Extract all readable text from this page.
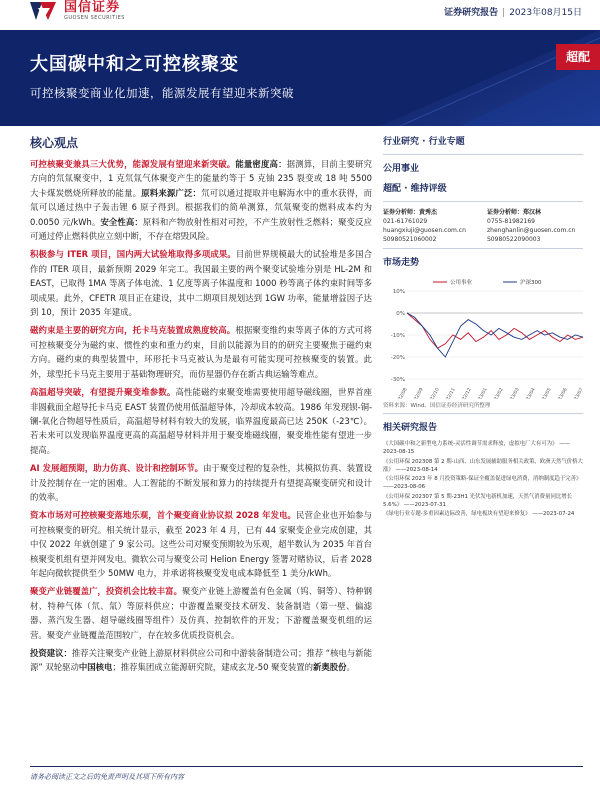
国信证券
GUOSEN SECURITIES	证券研究报告 | 2023年08月15日
大国碳中和之可控核聚变
可控核聚变商业化加速，能源发展有望迎来新突破
超配
核心观点
可控核聚变兼具三大优势，能源发展有望迎来新突破。能量密度高：据测算，目前主要研究方向的氘氚聚变中，1 克氘氚气体聚变产生的能量约等于 5 克铀 235 裂变或 18 吨 5500 大卡煤炭燃烧所释放的能量。原料来源广泛：氘可以通过提取并电解海水中的重水获得，而氚可以通过热中子轰击锂 6 原子得到。根据我们的简单测算，氘氚聚变的燃料成本约为 0.0050 元/kWh。安全性高：原料和产物放射性相对可控，不产生放射性乏燃料；聚变反应可通过停止燃料供应立刻中断，不存在熔毁风险。
积极参与 ITER 项目，国内两大试验堆取得多项成果。目前世界规模最大的试验堆是多国合作的 ITER 项目，最新预期 2029 年完工。我国最主要的两个聚变试验堆分别是 HL-2M 和 EAST，已取得 1MA 等离子体电流、1 亿度等离子体温度和 1000 秒等离子体约束时间等多项成果。此外，CFETR 项目正在建设，其中二期项目规划达到 1GW 功率，能量增益因子达到 10，预计 2035 年建成。
磁约束是主要的研究方向，托卡马克装置成熟度较高。根据聚变维约束等离子体的方式可将可控核聚变分为磁约束、惯性约束和重力约束，目前以能源为目的的研究主要聚焦于磁约束方向。磁约束的典型装置中，环形托卡马克被认为是最有可能实现可控核聚变的装置。此外，球型托卡马克主要用于基础物理研究，而仿星器仍存在新古典运输等难点。
高温超导突破，有望提升聚变堆参数。高性能磁约束聚变堆需要使用超导磁线圈，世界首座非圆截面全超导托卡马克 EAST 装置仍使用低温超导体，冷却成本较高。1986 年发现钡-铜-镧-氧化合物超导性质后，高温超导材料有较大的发展，临界温度最高已达 250K（-23℃）。若未来可以发现临界温度更高的高温超导材料并用于聚变堆磁线圈，聚变堆性能有望进一步提高。
AI 发展超预期，助力仿真、设计和控制环节。由于聚变过程的复杂性，其模拟仿真、装置设计及控制存在一定的困难。人工智能的不断发展和算力的持续提升有望提高聚变研究和设计的效率。
资本市场对可控核聚变落地乐观，首个聚变商业协议拟 2028 年发电。民营企业也开始参与可控核聚变的研究。相关统计显示，截至 2023 年 4 月，已有 44 家聚变企业完成创建，其中仅 2022 年就创建了 9 家公司。这些公司对聚变预期较为乐观，超半数认为 2035 年首台核聚变机组有望并网发电。微软公司与聚变公司 Helion Energy 签署对赌协议，后者 2028 年起向微软提供至少 50MW 电力，并承诺将核聚变发电成本降低至 1 美分/kWh。
聚变产业链覆盖广，投资机会比较丰富。聚变产业链上游覆盖有色金属（钨、铜等）、特种钢材、特种气体（氘、氚）等原料供应；中游覆盖聚变技术研发、装备制造（第一壁、偏滤器、蒸汽发生器、超导磁线圈等组件）及仿真、控制软件的开发；下游覆盖聚变机组的运营。聚变产业链覆盖范围较广，存在较多优质投资机会。
投资建议：推荐关注聚变产业链上游原材料供应公司和中游装备制造公司；推荐 “核电与新能源” 双轮驱动中国核电；推荐集团成立能源研究院，建成玄龙-50 聚变装置的新奥股份。
行业研究 · 行业专题
公用事业
超配 · 维持评级
证券分析师：黄秀杰
021-61761029
huangxiuji@guosen.com.cn
S0980521060002
证券分析师：郑汉林
0755-81982169
zhenghanlin@guosen.com.cn
S0980522090003
市场走势
10%
0%
-10%
-20%
-30%
22/08 22/09 22/10 22/11 22/12 23/01 23/02 23/03 23/04 23/05 23/06 23/07
公用事业	沪深300
资料来源：Wind、国信证券经济研究所整理
相关研究报告
《大国碳中和之新型电力系统-灵活性调节需求释放，虚拟电厂大有可为》 ——2023-08-15
《公用环保 202308 第 2 期-山西、山东发展辅助服务相关政策，欧洲天然气价格大涨》 ——2023-08-14
《公用环保 2023 年 8 月投资策略-保证全覆盖促进绿电消费，消纳制度趋于完善》 ——2023-08-06
《公用环保 202307 第 5 期-23H1 光伏发电新机加速，天然气消费量同比增长 5.6%》 ——2023-07-31
《绿电行业专题-多重因素边际改善，绿电板块有望迎来修复》 ——2023-07-24
请务必阅读正文之后的免责声明及其项下所有内容
